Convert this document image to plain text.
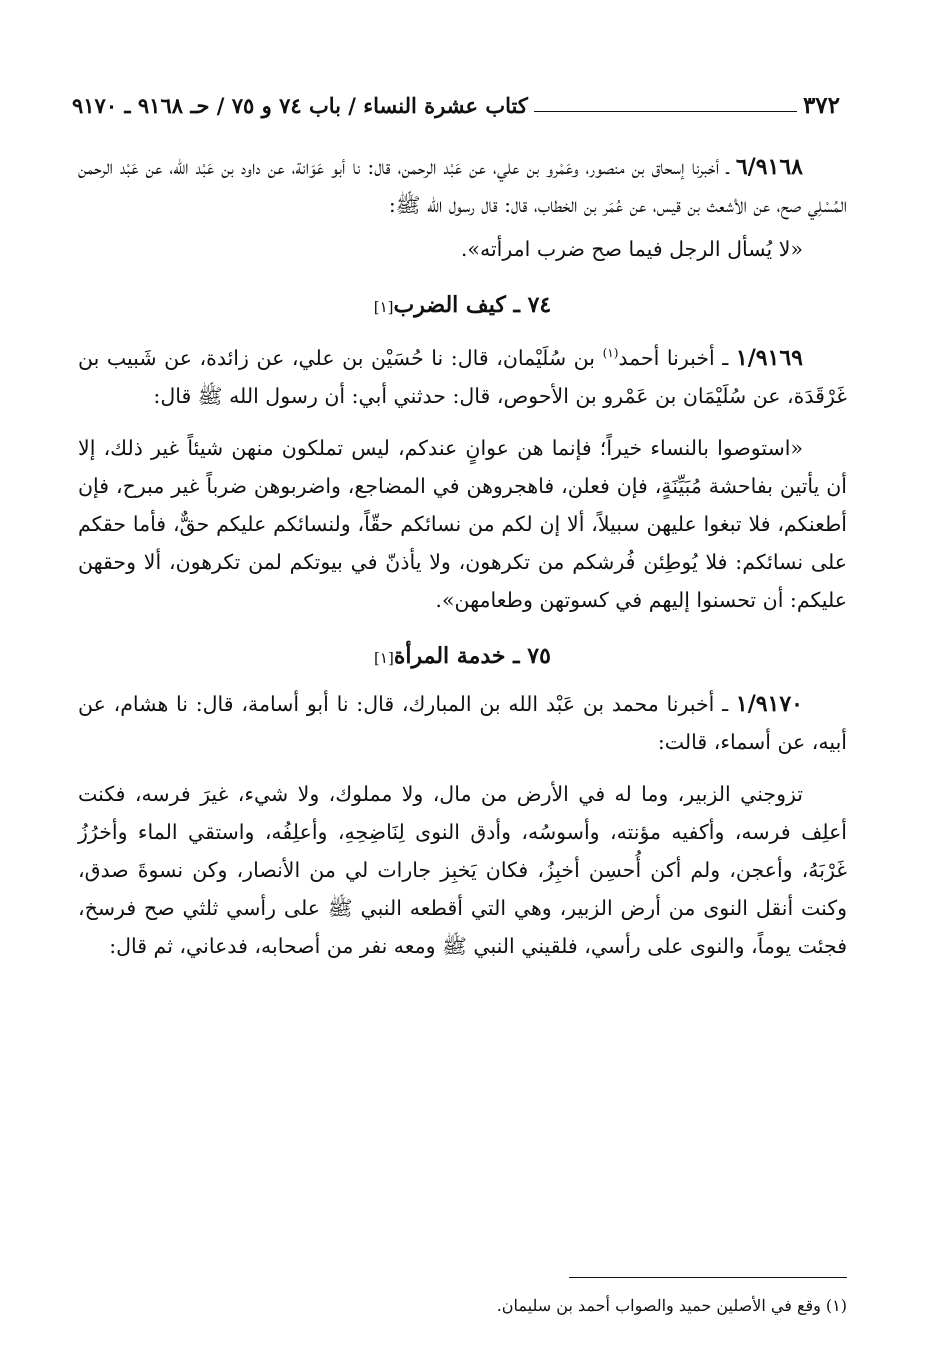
٣٧٢
كتاب عشرة النساء / باب ٧٤ و ٧٥ / حـ ٩١٦٨ ـ ٩١٧٠

٦/٩١٦٨ ـ أخبرنا إسحاق بن منصور، وعَمْرو بن علي، عن عَبْد الرحمن، قال: نا أبو عَوَانة، عن داود بن عَبْد الله، عن عَبْد الرحمن المُسْلِي صح، عن الأشعث بن قيس، عن عُمَر بن الخطاب، قال: قال رسول الله ﷺ:

«لا يُسأل الرجل فيما صح ضرب امرأته».

٧٤ ـ كيف الضرب[١]

١/٩١٦٩ ـ أخبرنا أحمد$^{(١)}$ بن سُلَيْمان، قال: نا حُسَيْن بن علي، عن زائدة، عن شَبيب بن غَرْقَدَة، عن سُلَيْمَان بن عَمْرو بن الأحوص، قال: حدثني أبي: أن رسول الله ﷺ قال:

«استوصوا بالنساء خيراً؛ فإنما هن عوانٍ عندكم، ليس تملكون منهن شيئاً غير ذلك، إلا أن يأتين بفاحشة مُبَيِّنَةٍ، فإن فعلن، فاهجروهن في المضاجع، واضربوهن ضرباً غير مبرح، فإن أطعنكم، فلا تبغوا عليهن سبيلاً، ألا إن لكم من نسائكم حقّاً، ولنسائكم عليكم حقٌّ، فأما حقكم على نسائكم: فلا يُوطِئن فُرشكم من تكرهون، ولا يأذنّ في بيوتكم لمن تكرهون، ألا وحقهن عليكم: أن تحسنوا إليهم في كسوتهن وطعامهن».

٧٥ ـ خدمة المرأة[١]

١/٩١٧٠ ـ أخبرنا محمد بن عَبْد الله بن المبارك، قال: نا أبو أسامة، قال: نا هشام، عن أبيه، عن أسماء، قالت:

تزوجني الزبير، وما له في الأرض من مال، ولا مملوك، ولا شيء، غيرَ فرسه، فكنت أعلِف فرسه، وأكفيه مؤنته، وأسوسُه، وأدق النوى لِنَاضِحِهِ، وأعلِفُه، واستقي الماء وأخرُزُ غَرْبَهُ، وأعجن، ولم أكن أُحسِن أخبِزُ، فكان يَخبِز جارات لي من الأنصار، وكن نسوةَ صدق، وكنت أنقل النوى من أرض الزبير، وهي التي أقطعه النبي ﷺ على رأسي ثلثي صح فرسخ، فجئت يوماً، والنوى على رأسي، فلقيني النبي ﷺ ومعه نفر من أصحابه، فدعاني، ثم قال:

(١) وقع في الأصلين حميد والصواب أحمد بن سليمان.
